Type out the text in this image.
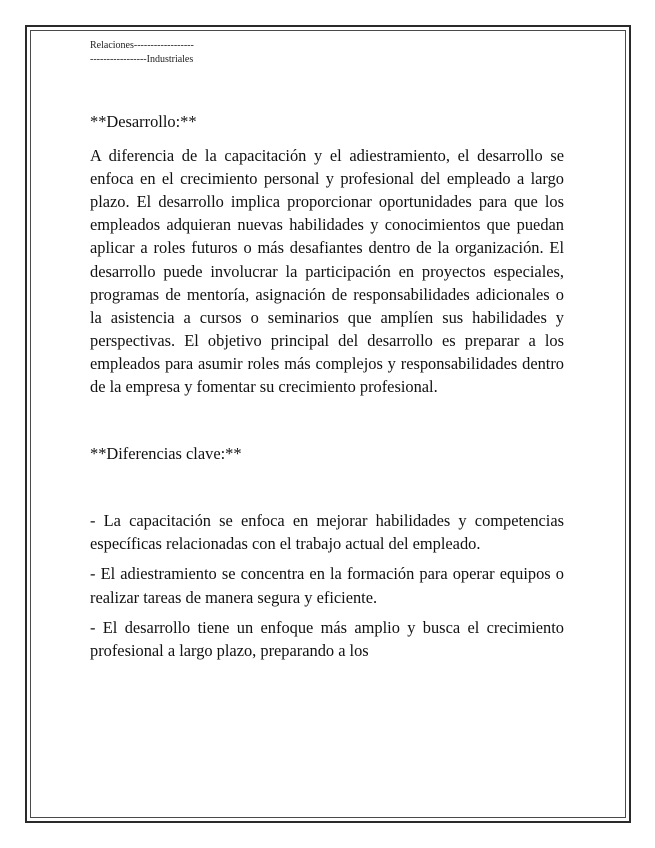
Relaciones------------------
-----------------Industriales

**Desarrollo:**

A diferencia de la capacitación y el adiestramiento, el desarrollo se enfoca en el crecimiento personal y profesional del empleado a largo plazo. El desarrollo implica proporcionar oportunidades para que los empleados adquieran nuevas habilidades y conocimientos que puedan aplicar a roles futuros o más desafiantes dentro de la organización. El desarrollo puede involucrar la participación en proyectos especiales, programas de mentoría, asignación de responsabilidades adicionales o la asistencia a cursos o seminarios que amplíen sus habilidades y perspectivas. El objetivo principal del desarrollo es preparar a los empleados para asumir roles más complejos y responsabilidades dentro de la empresa y fomentar su crecimiento profesional.

**Diferencias clave:**

- La capacitación se enfoca en mejorar habilidades y competencias específicas relacionadas con el trabajo actual del empleado.

- El adiestramiento se concentra en la formación para operar equipos o realizar tareas de manera segura y eficiente.

- El desarrollo tiene un enfoque más amplio y busca el crecimiento profesional a largo plazo, preparando a los
